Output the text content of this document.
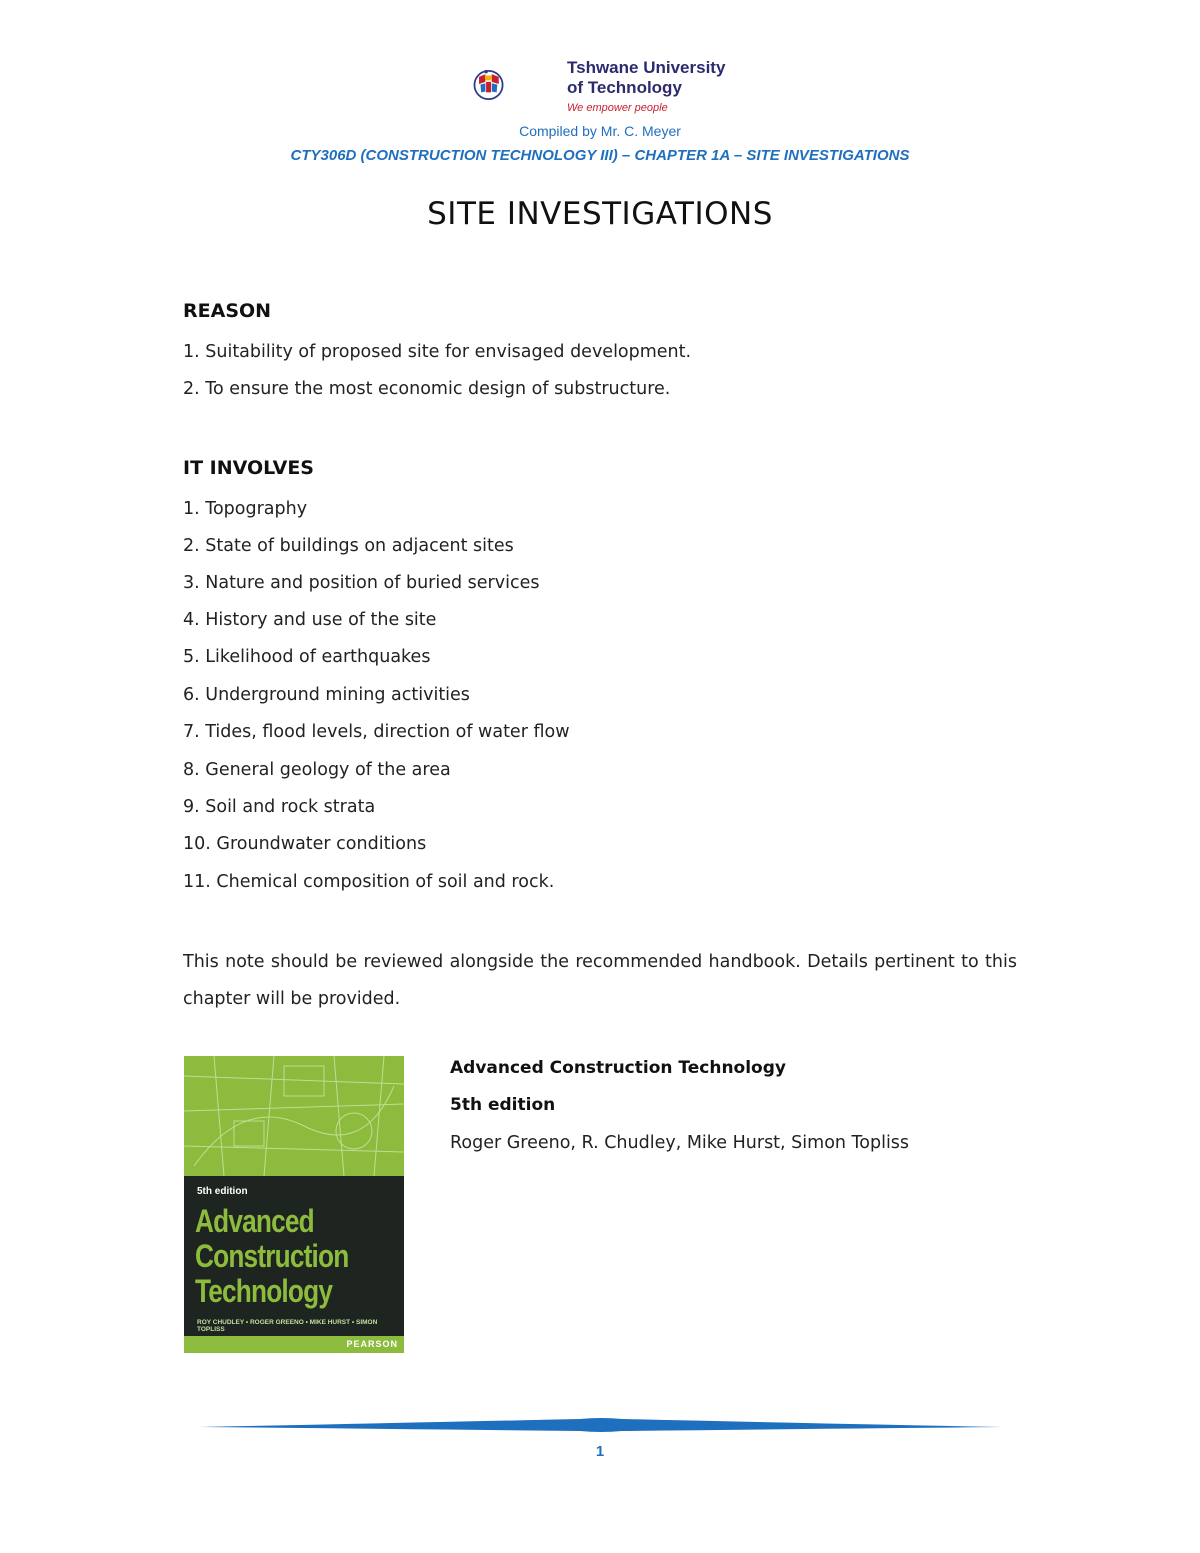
Tshwane University
of Technology
We empower people
Compiled by Mr. C. Meyer
CTY306D (CONSTRUCTION TECHNOLOGY III) – CHAPTER 1A – SITE INVESTIGATIONS
SITE INVESTIGATIONS
REASON
1. Suitability of proposed site for envisaged development.
2. To ensure the most economic design of substructure.
IT INVOLVES
1. Topography
2. State of buildings on adjacent sites
3. Nature and position of buried services
4. History and use of the site
5. Likelihood of earthquakes
6. Underground mining activities
7. Tides, flood levels, direction of water flow
8. General geology of the area
9. Soil and rock strata
10. Groundwater conditions
11. Chemical composition of soil and rock.
This note should be reviewed alongside the recommended handbook. Details pertinent to this chapter will be provided.
5th edition
Advanced
Construction
Technology
ROY CHUDLEY • ROGER GREENO • MIKE HURST • SIMON TOPLISS
PEARSON
Advanced Construction Technology
5th edition
Roger Greeno, R. Chudley, Mike Hurst, Simon Topliss
1
